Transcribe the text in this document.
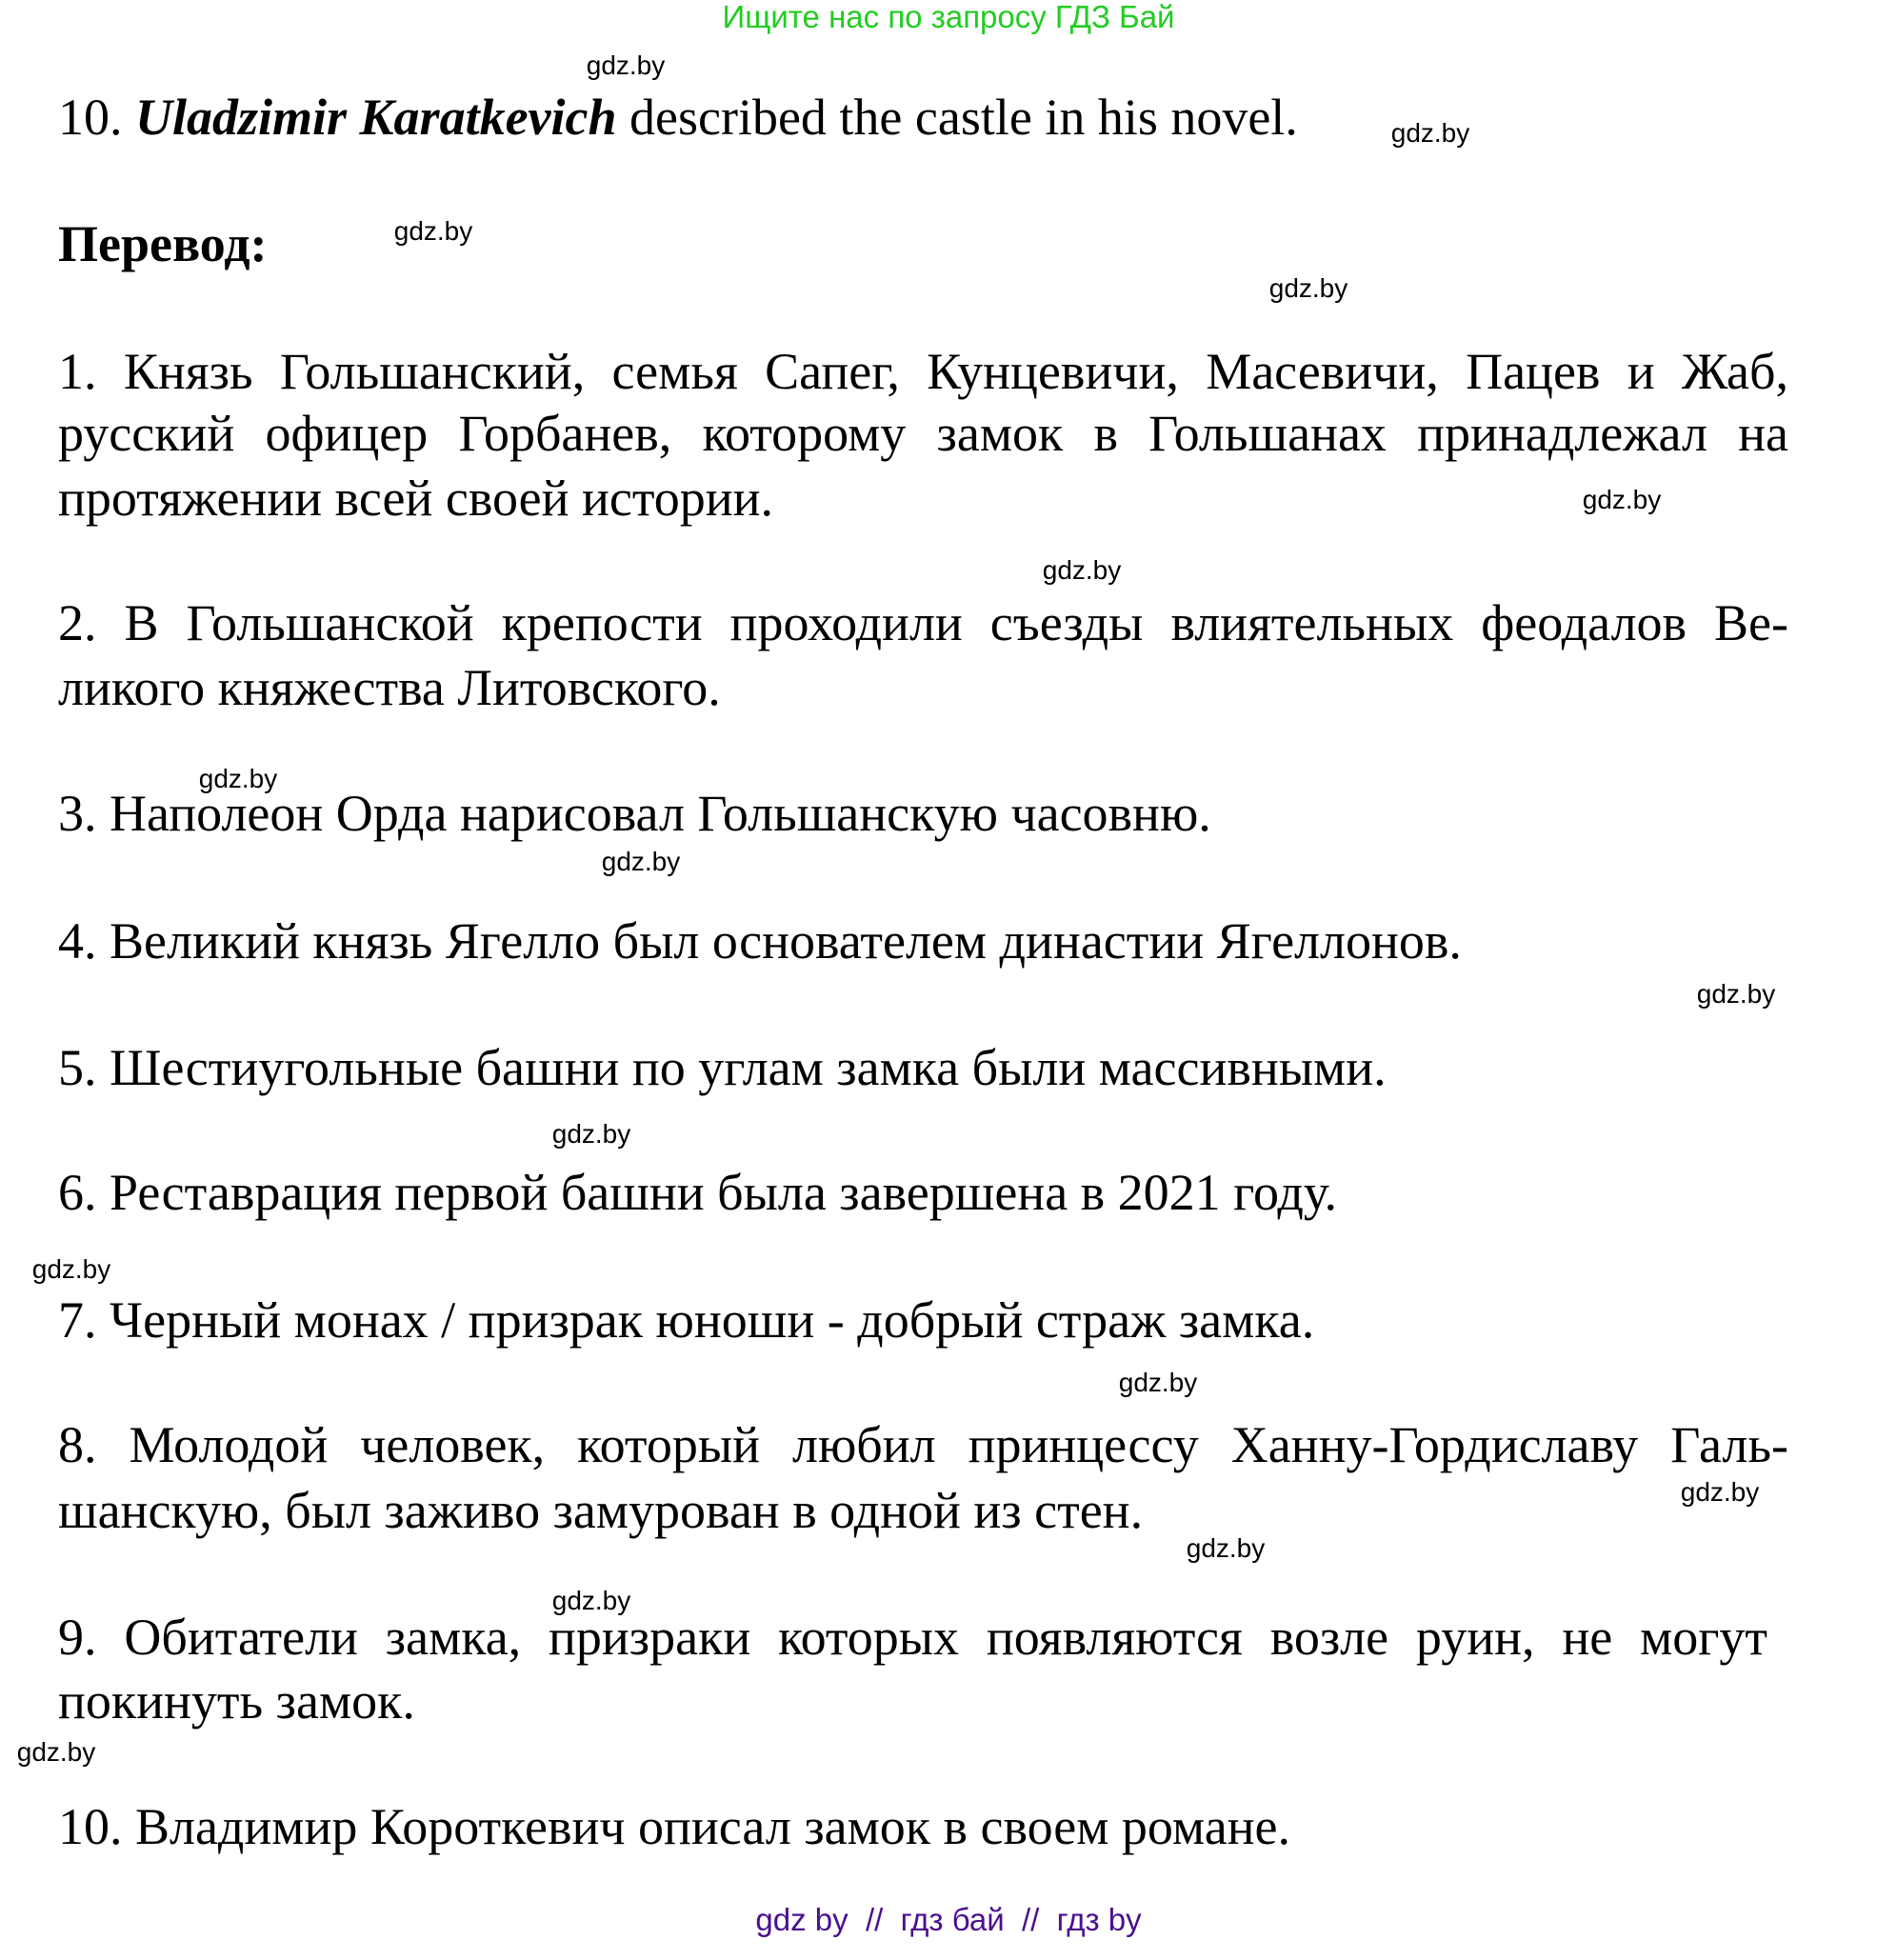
Ищите нас по запросу ГДЗ Бай
10. Uladzimir Karatkevich described the castle in his novel.
Перевод:
1. Князь Гольшанский, семья Сапег, Кунцевичи, Масевичи, Пацев и Жаб,
русский офицер Горбанев, которому замок в Гольшанах принадлежал на
протяжении всей своей истории.
2. В Гольшанской крепости проходили съезды влиятельных феодалов Ве-
ликого княжества Литовского.
3. Наполеон Орда нарисовал Гольшанскую часовню.
4. Великий князь Ягелло был основателем династии Ягеллонов.
5. Шестиугольные башни по углам замка были массивными.
6. Реставрация первой башни была завершена в 2021 году.
7. Черный монах / призрак юноши - добрый страж замка.
8. Молодой человек, который любил принцессу Ханну-Гордиславу Галь-
шанскую, был заживо замурован в одной из стен.
9. Обитатели замка, призраки которых появляются возле руин, не могут
покинуть замок.
10. Владимир Короткевич описал замок в своем романе.
gdz.by
gdz.by
gdz.by
gdz.by
gdz.by
gdz.by
gdz.by
gdz.by
gdz.by
gdz.by
gdz.by
gdz.by
gdz.by
gdz.by
gdz.by
gdz.by
gdz by  //  гдз бай  //  гдз by
